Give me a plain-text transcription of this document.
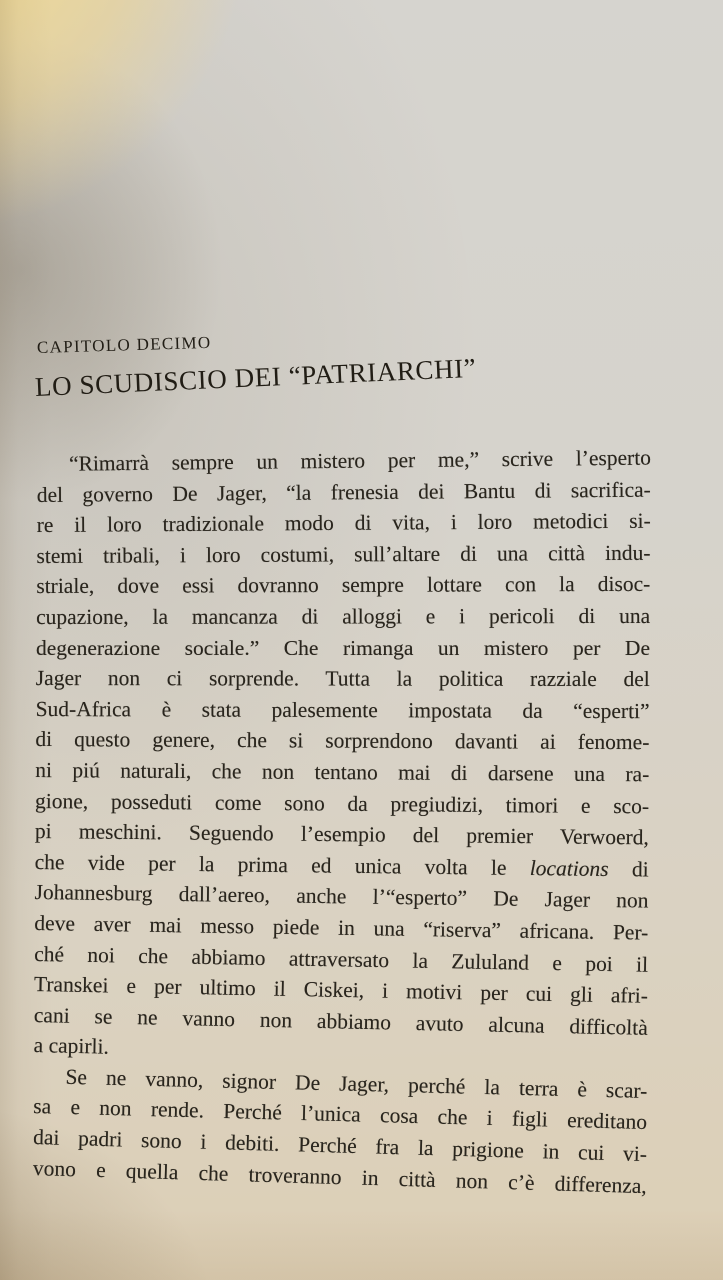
CAPITOLO DECIMO
LO SCUDISCIO DEI “PATRIARCHI”
“Rimarrà sempre un mistero per me,” scrive l’esperto
del governo De Jager, “la frenesia dei Bantu di sacrifica-
re il loro tradizionale modo di vita, i loro metodici si-
stemi tribali, i loro costumi, sull’altare di una città indu-
striale, dove essi dovranno sempre lottare con la disoc-
cupazione, la mancanza di alloggi e i pericoli di una
degenerazione sociale.” Che rimanga un mistero per De
Jager non ci sorprende. Tutta la politica razziale del
Sud-Africa è stata palesemente impostata da “esperti”
di questo genere, che si sorprendono davanti ai fenome-
ni piú naturali, che non tentano mai di darsene una ra-
gione, posseduti come sono da pregiudizi, timori e sco-
pi meschini. Seguendo l’esempio del premier Verwoerd,
che vide per la prima ed unica volta le locations di
Johannesburg dall’aereo, anche l’“esperto” De Jager non
deve aver mai messo piede in una “riserva” africana. Per-
ché noi che abbiamo attraversato la Zululand e poi il
Transkei e per ultimo il Ciskei, i motivi per cui gli afri-
cani se ne vanno non abbiamo avuto alcuna difficoltà
a capirli.
Se ne vanno, signor De Jager, perché la terra è scar-
sa e non rende. Perché l’unica cosa che i figli ereditano
dai padri sono i debiti. Perché fra la prigione in cui vi-
vono e quella che troveranno in città non c’è differenza,
